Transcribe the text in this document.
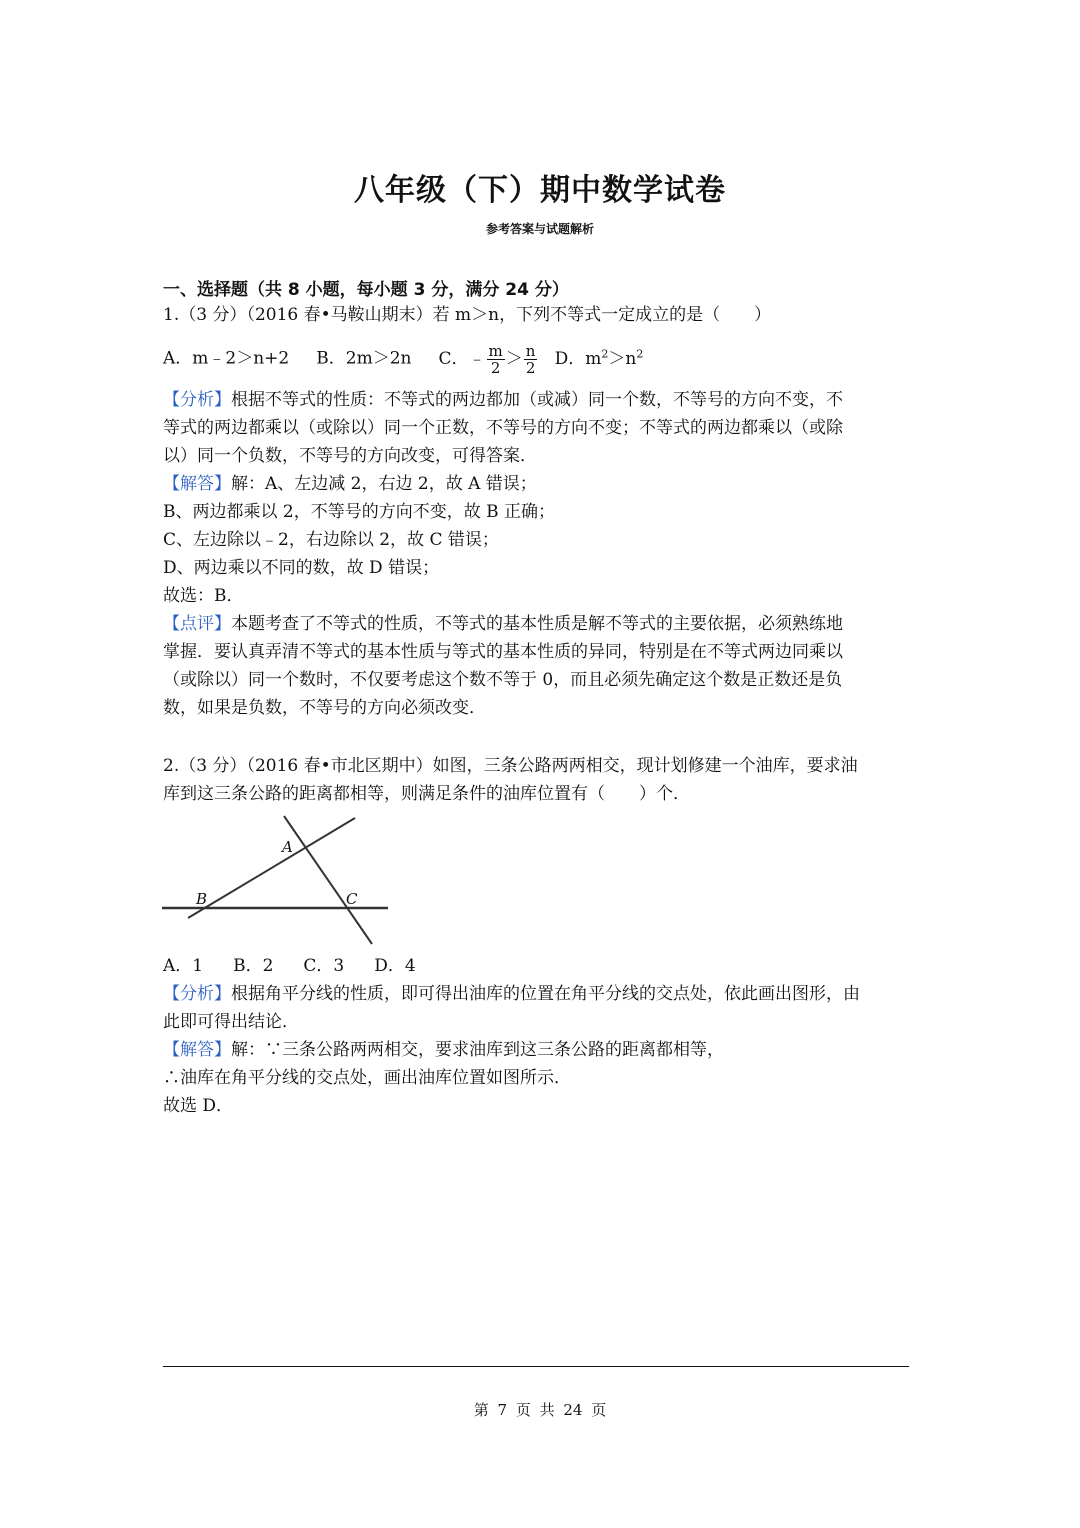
八年级（下）期中数学试卷
参考答案与试题解析
一、选择题（共 8 小题，每小题 3 分，满分 24 分）
1.（3 分）（2016 春•马鞍山期末）若 m＞n，下列不等式一定成立的是（　　）
A．m﹣2＞n+2 B．2m＞2n C．﹣ $\frac{m}{2} > \frac{n}{2}$ D．$m^2>n^2$
【分析】根据不等式的性质：不等式的两边都加（或减）同一个数，不等号的方向不变，不
等式的两边都乘以（或除以）同一个正数，不等号的方向不变；不等式的两边都乘以（或除
以）同一个负数，不等号的方向改变，可得答案．
【解答】解：A、左边减 2，右边 2，故 A 错误；
B、两边都乘以 2，不等号的方向不变，故 B 正确；
C、左边除以﹣2，右边除以 2，故 C 错误；
D、两边乘以不同的数，故 D 错误；
故选：B．
【点评】本题考查了不等式的性质，不等式的基本性质是解不等式的主要依据，必须熟练地
掌握．要认真弄清不等式的基本性质与等式的基本性质的异同，特别是在不等式两边同乘以
（或除以）同一个数时，不仅要考虑这个数不等于 0，而且必须先确定这个数是正数还是负
数，如果是负数，不等号的方向必须改变．
2.（3 分）（2016 春•市北区期中）如图，三条公路两两相交，现计划修建一个油库，要求油
库到这三条公路的距离都相等，则满足条件的油库位置有（　　）个．
A
B	C
A．1 B．2 C．3 D．4
【分析】根据角平分线的性质，即可得出油库的位置在角平分线的交点处，依此画出图形，由
此即可得出结论．
【解答】解：∵三条公路两两相交，要求油库到这三条公路的距离都相等，
∴油库在角平分线的交点处，画出油库位置如图所示．
故选 D．
第 7 页 共 24 页
